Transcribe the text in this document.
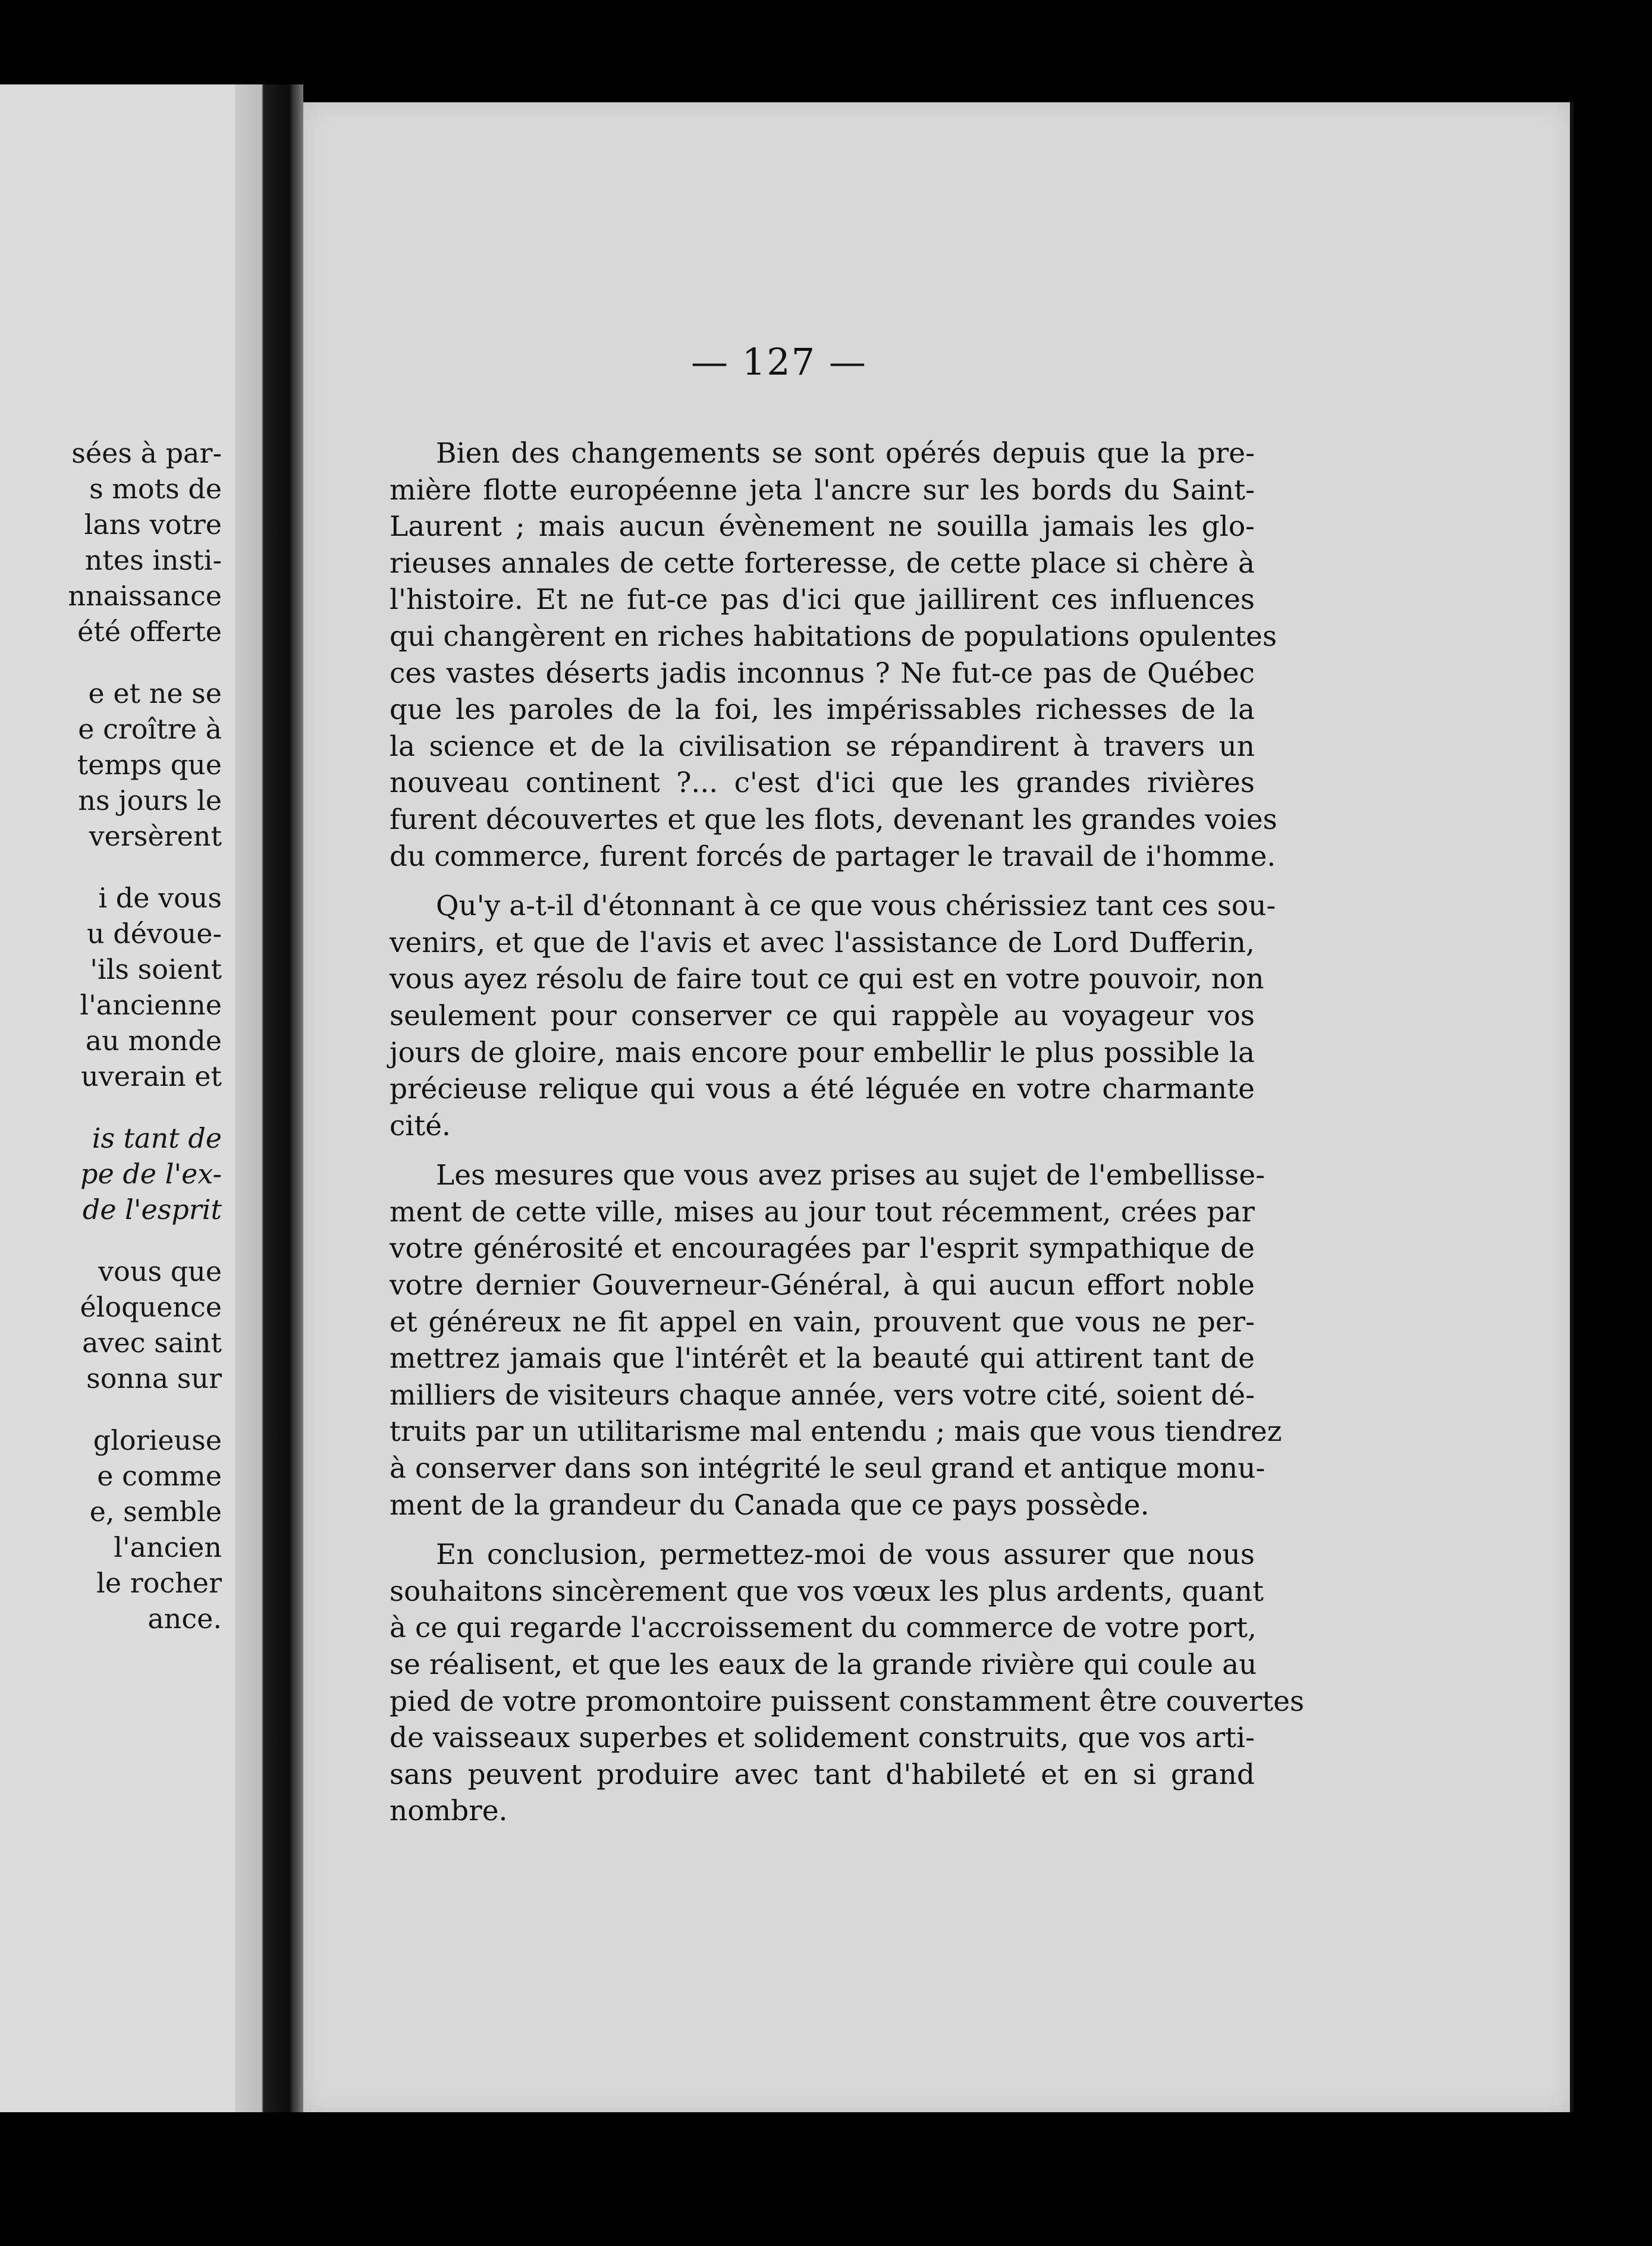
sées à par-
s mots de
lans votre
ntes insti-
nnaissance
été offerte
e et ne se
e croître à
temps que
ns jours le
versèrent
i de vous
u dévoue-
'ils soient
l'ancienne
au monde
uverain et
is tant de
pe de l'ex-
de l'esprit
vous que
éloquence
avec saint
sonna sur
glorieuse
e comme
e, semble
l'ancien
le rocher
ance.
— 127 —
Bien des changements se sont opérés depuis que la pre-
mière flotte européenne jeta l'ancre sur les bords du Saint-
Laurent ; mais aucun évènement ne souilla jamais les glo-
rieuses annales de cette forteresse, de cette place si chère à
l'histoire. Et ne fut-ce pas d'ici que jaillirent ces influences
qui changèrent en riches habitations de populations opulentes
ces vastes déserts jadis inconnus ? Ne fut-ce pas de Québec
que les paroles de la foi, les impérissables richesses de la
la science et de la civilisation se répandirent à travers un
nouveau continent ?... c'est d'ici que les grandes rivières
furent découvertes et que les flots, devenant les grandes voies
du commerce, furent forcés de partager le travail de i'homme.
Qu'y a-t-il d'étonnant à ce que vous chérissiez tant ces sou-
venirs, et que de l'avis et avec l'assistance de Lord Dufferin,
vous ayez résolu de faire tout ce qui est en votre pouvoir, non
seulement pour conserver ce qui rappèle au voyageur vos
jours de gloire, mais encore pour embellir le plus possible la
précieuse relique qui vous a été léguée en votre charmante
cité.
Les mesures que vous avez prises au sujet de l'embellisse-
ment de cette ville, mises au jour tout récemment, crées par
votre générosité et encouragées par l'esprit sympathique de
votre dernier Gouverneur-Général, à qui aucun effort noble
et généreux ne fit appel en vain, prouvent que vous ne per-
mettrez jamais que l'intérêt et la beauté qui attirent tant de
milliers de visiteurs chaque année, vers votre cité, soient dé-
truits par un utilitarisme mal entendu ; mais que vous tiendrez
à conserver dans son intégrité le seul grand et antique monu-
ment de la grandeur du Canada que ce pays possède.
En conclusion, permettez-moi de vous assurer que nous
souhaitons sincèrement que vos vœux les plus ardents, quant
à ce qui regarde l'accroissement du commerce de votre port,
se réalisent, et que les eaux de la grande rivière qui coule au
pied de votre promontoire puissent constamment être couvertes
de vaisseaux superbes et solidement construits, que vos arti-
sans peuvent produire avec tant d'habileté et en si grand
nombre.
